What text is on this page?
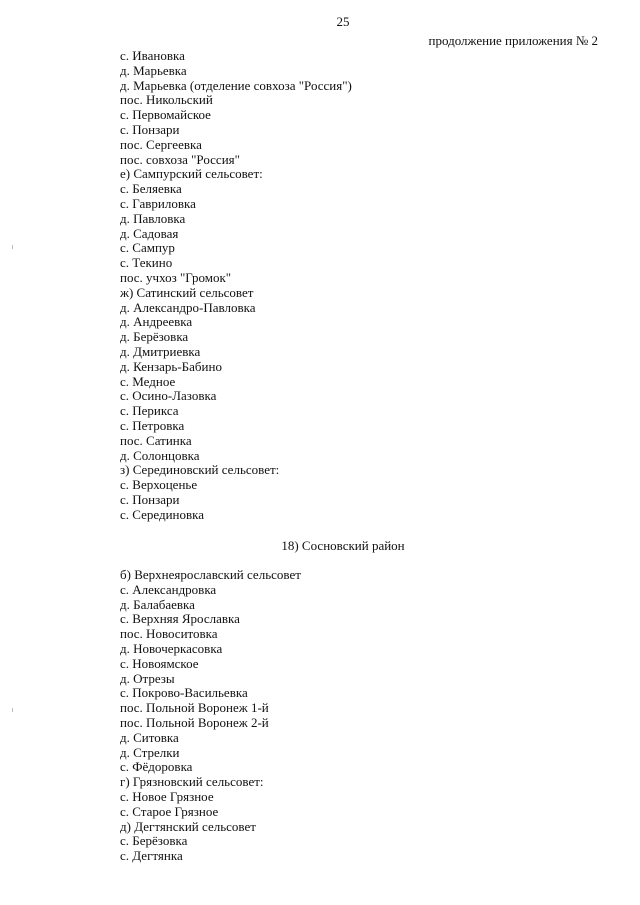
25
продолжение приложения № 2
с. Ивановка
д. Марьевка
д. Марьевка (отделение совхоза "Россия")
пос. Никольский
с. Первомайское
с. Понзари
пос. Сергеевка
пос. совхоза "Россия"
е) Сампурский сельсовет:
с. Беляевка
с. Гавриловка
д. Павловка
д. Садовая
с. Сампур
с. Текино
пос. учхоз "Громок"
ж) Сатинский сельсовет
д. Александро-Павловка
д. Андреевка
д. Берёзовка
д. Дмитриевка
д. Кензарь-Бабино
с. Медное
с. Осино-Лазовка
с. Перикса
с. Петровка
пос. Сатинка
д. Солонцовка
з) Серединовский сельсовет:
с. Верхоценье
с. Понзари
с. Серединовка
18) Сосновский район
б) Верхнеярославский сельсовет
с. Александровка
д. Балабаевка
с. Верхняя Ярославка
пос. Новоситовка
д. Новочеркасовка
с. Новоямское
д. Отрезы
с. Покрово-Васильевка
пос. Польной Воронеж 1-й
пос. Польной Воронеж 2-й
д. Ситовка
д. Стрелки
с. Фёдоровка
г) Грязновский сельсовет:
с. Новое Грязное
с. Старое Грязное
д) Дегтянский сельсовет
с. Берёзовка
с. Дегтянка
